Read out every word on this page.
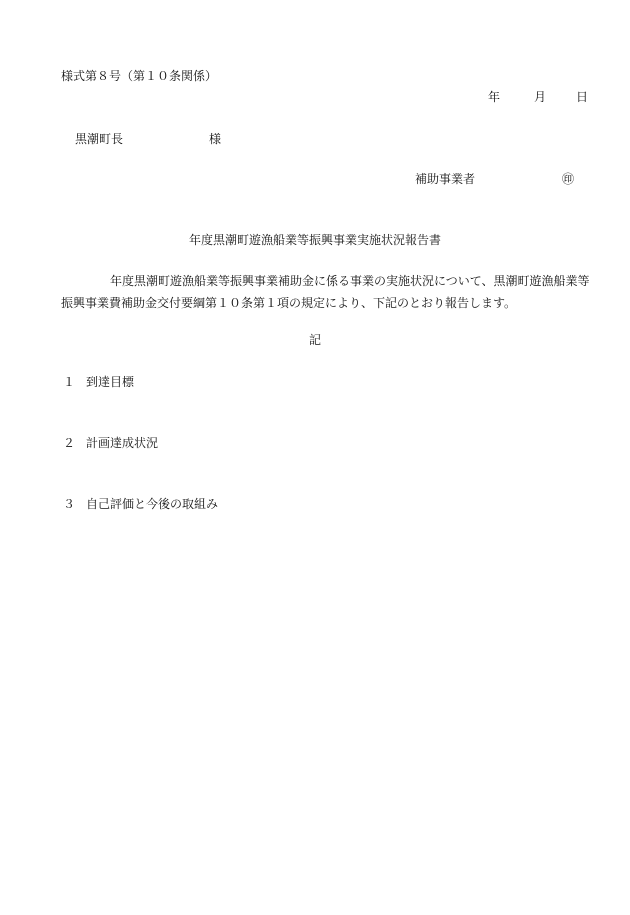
様式第８号（第１０条関係）
年	月 日
黒潮町長	様
補助事業者	㊞
年度黒潮町遊漁船業等振興事業実施状況報告書
年度黒潮町遊漁船業等振興事業補助金に係る事業の実施状況について、黒潮町遊漁船業等振興事業費補助金交付要綱第１０条第１項の規定により、下記のとおり報告します。
記
１ 到達目標
２ 計画達成状況
３ 自己評価と今後の取組み
